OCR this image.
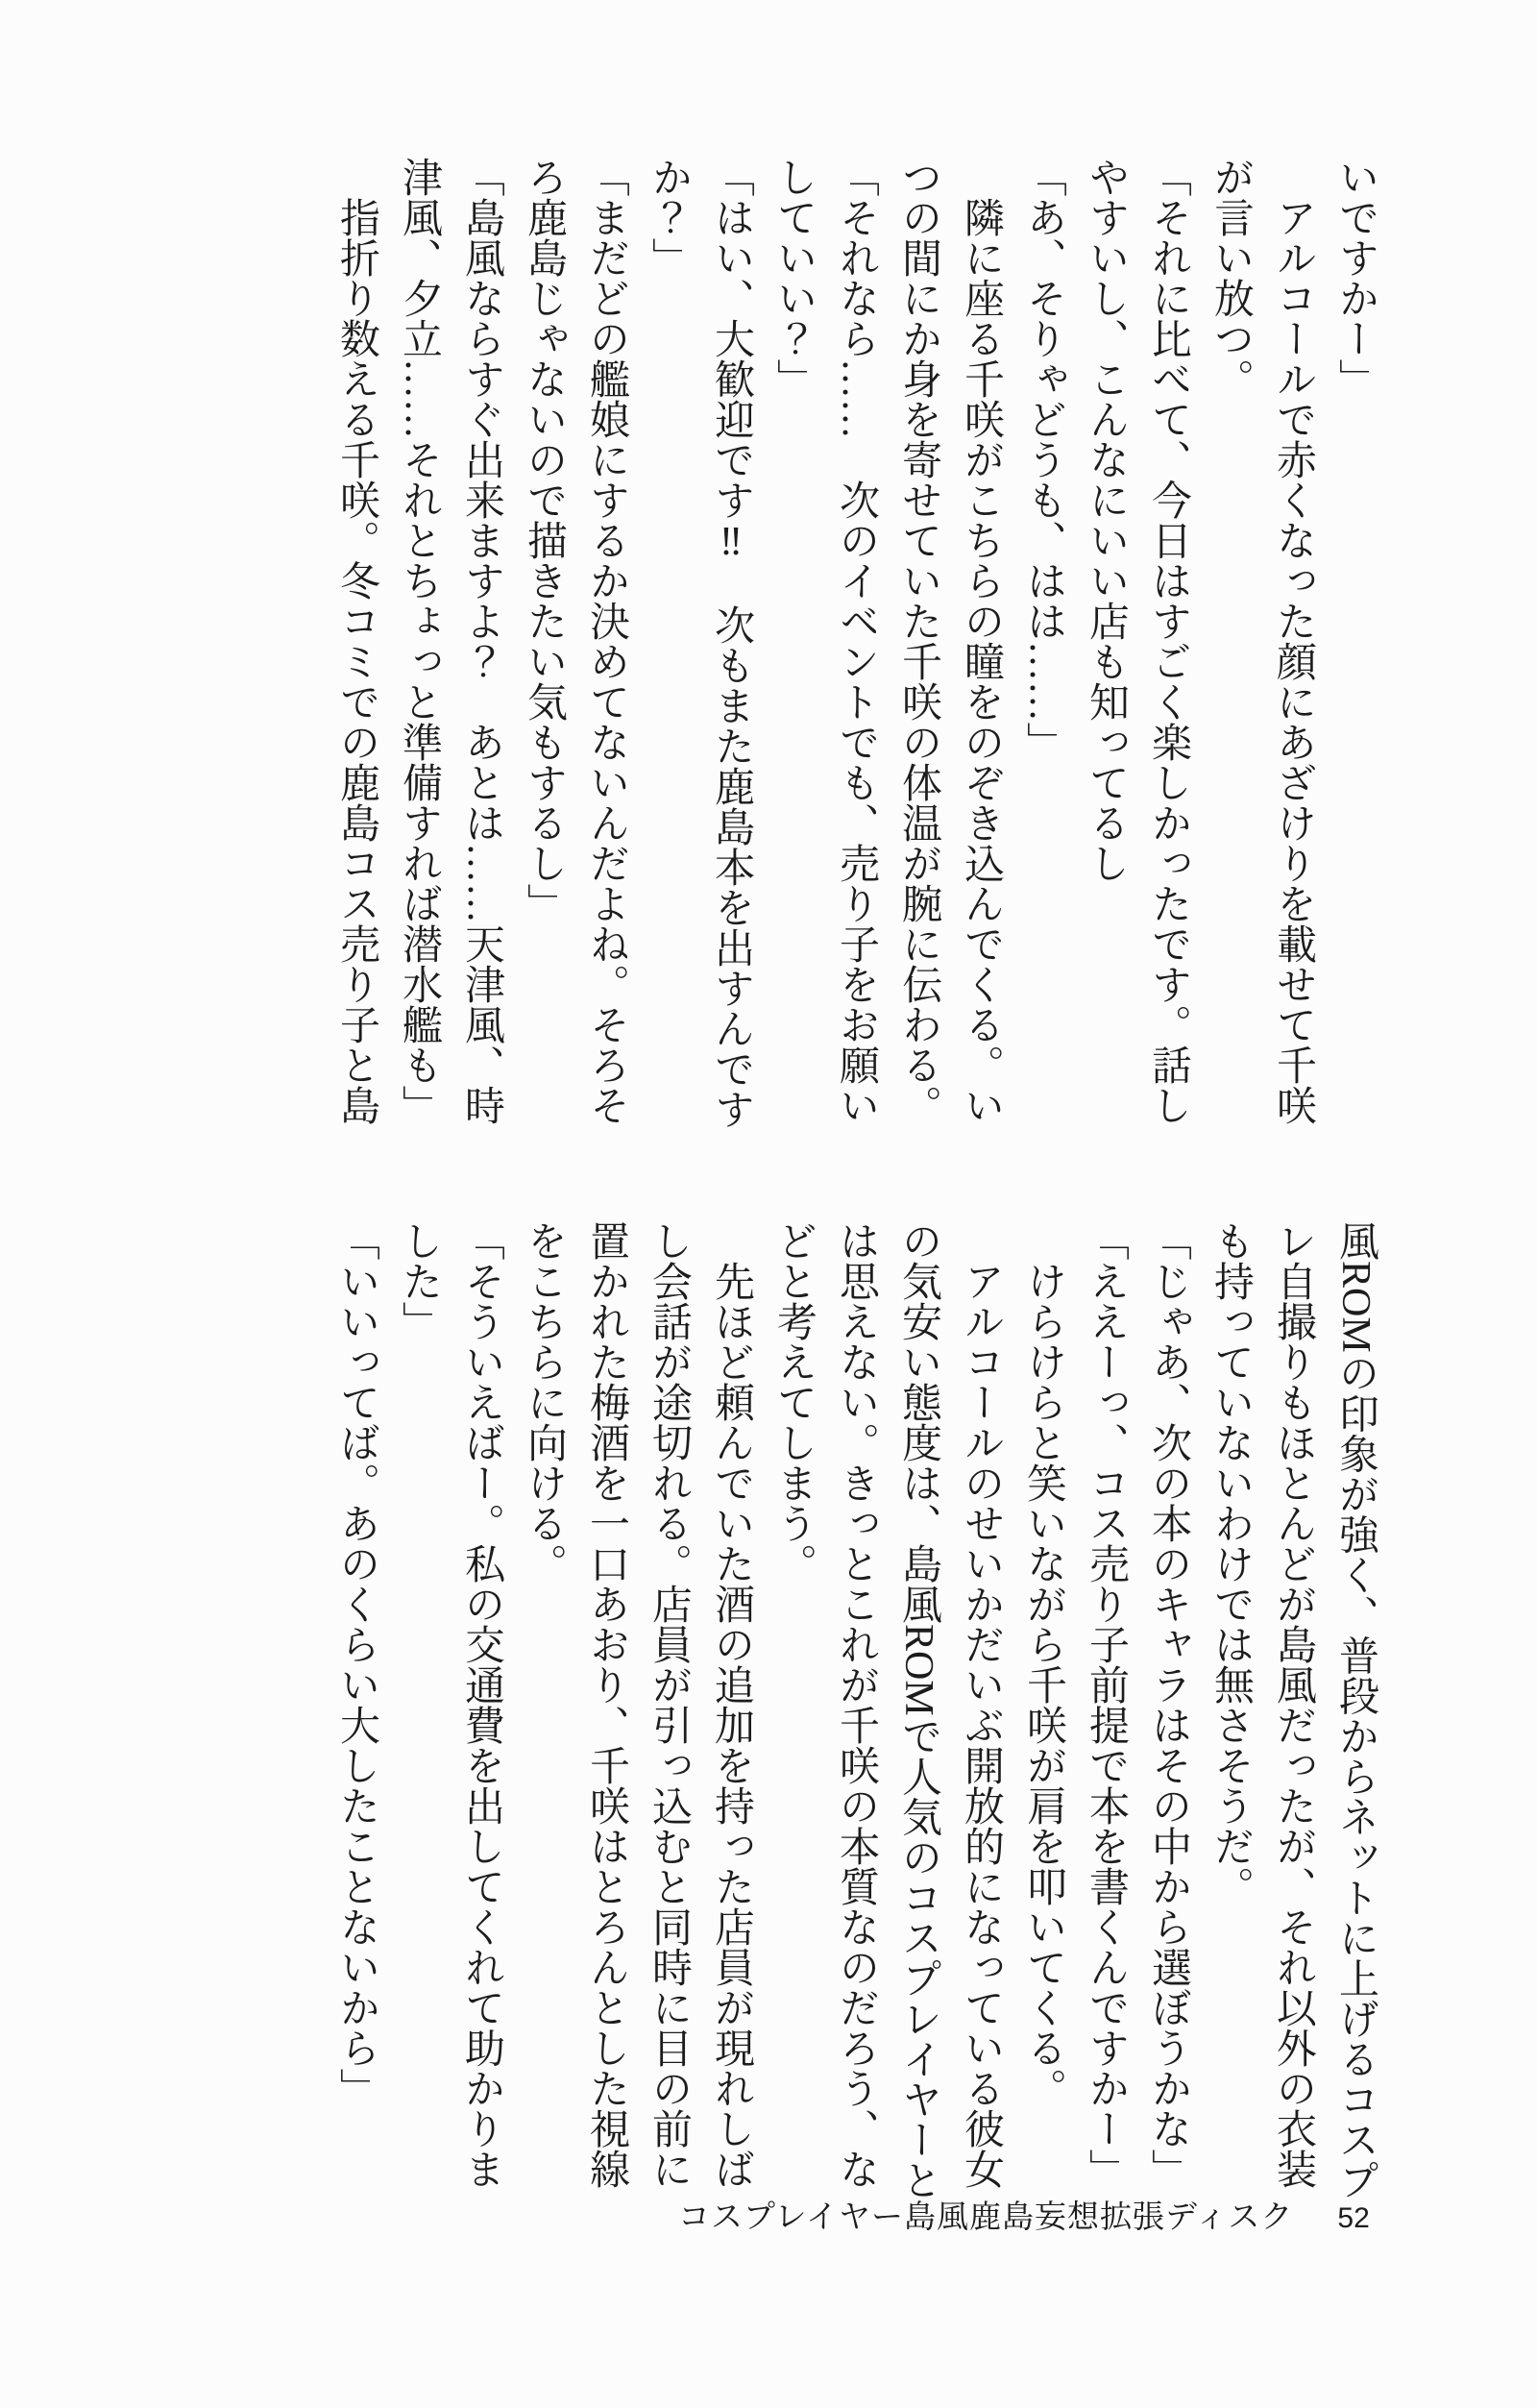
いですかー」

　アルコールで赤くなった顔にあざけりを載せて千咲が言い放つ。

「それに比べて、今日はすごく楽しかったです。話しやすいし、こんなにいい店も知ってるし

「あ、そりゃどうも、はは……」

　隣に座る千咲がこちらの瞳をのぞき込んでくる。いつの間にか身を寄せていた千咲の体温が腕に伝わる。

「それなら……　次のイベントでも、売り子をお願いしていい？」

「はい、大歓迎です‼　次もまた鹿島本を出すんですか？」

「まだどの艦娘にするか決めてないんだよね。そろそろ鹿島じゃないので描きたい気もするし」

「島風ならすぐ出来ますよ？　あとは……天津風、時津風、夕立……それとちょっと準備すれば潜水艦も」

　指折り数える千咲。冬コミでの鹿島コス売り子と島

風ROMの印象が強く、普段からネットに上げるコスプレ自撮りもほとんどが島風だったが、それ以外の衣装も持っていないわけでは無さそうだ。

「じゃあ、次の本のキャラはその中から選ぼうかな」

「ええーっ、コス売り子前提で本を書くんですかー」

　けらけらと笑いながら千咲が肩を叩いてくる。

　アルコールのせいかだいぶ開放的になっている彼女の気安い態度は、島風ROMで人気のコスプレイヤーとは思えない。きっとこれが千咲の本質なのだろう、などと考えてしまう。

　先ほど頼んでいた酒の追加を持った店員が現れしばし会話が途切れる。店員が引っ込むと同時に目の前に置かれた梅酒を一口あおり、千咲はとろんとした視線をこちらに向ける。

「そういえばー。私の交通費を出してくれて助かりました」

「いいってば。あのくらい大したことないから」

コスプレイヤー島風鹿島妄想拡張ディスク 52
